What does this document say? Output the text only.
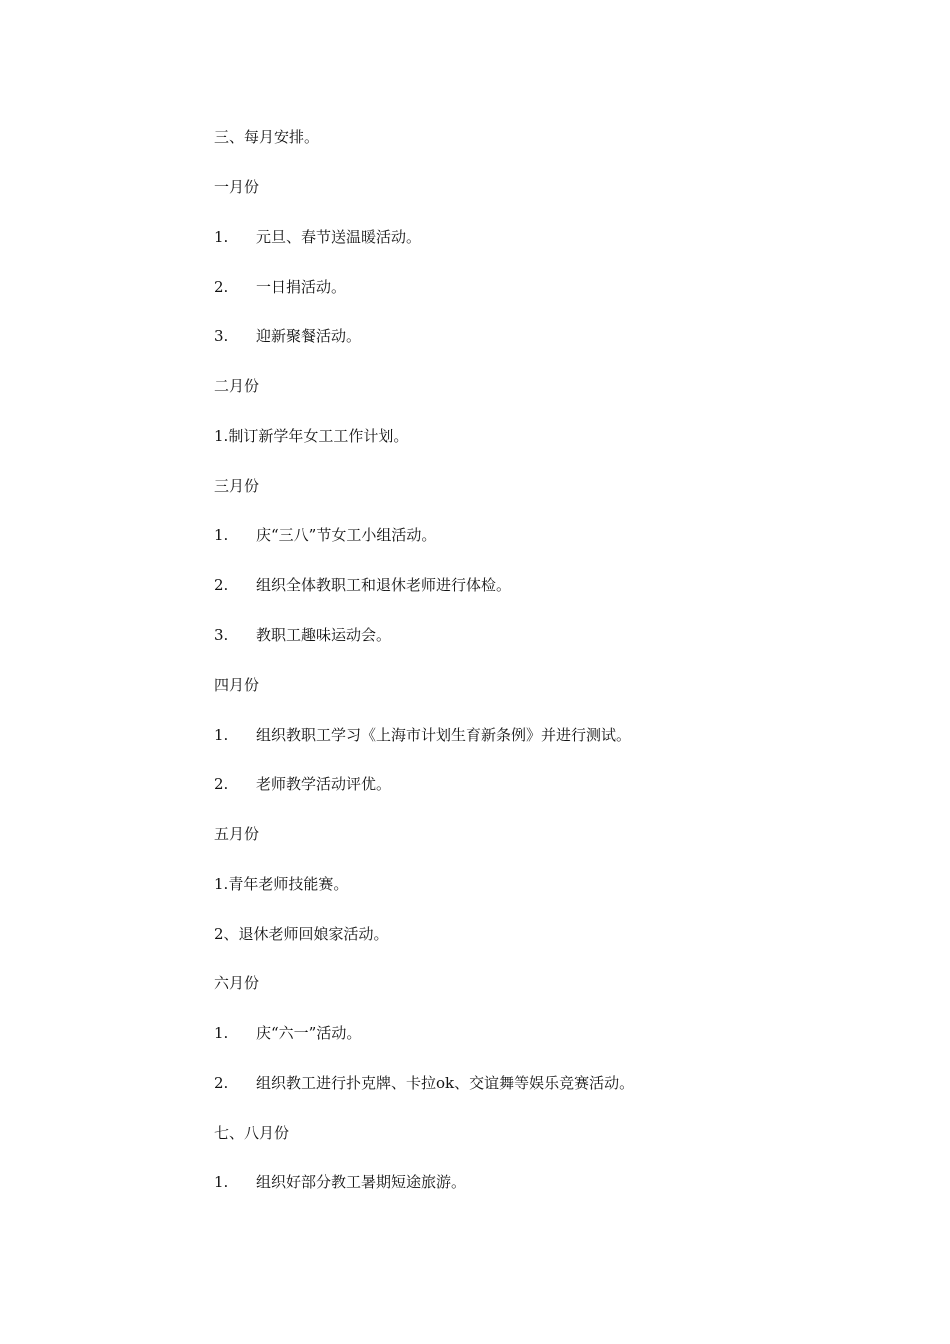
三、每月安排。
一月份
1. 元旦、春节送温暖活动。
2. 一日捐活动。
3. 迎新聚餐活动。
二月份
1.制订新学年女工工作计划。
三月份
1. 庆“三八”节女工小组活动。
2. 组织全体教职工和退休老师进行体检。
3. 教职工趣味运动会。
四月份
1. 组织教职工学习《上海市计划生育新条例》并进行测试。
2. 老师教学活动评优。
五月份
1.青年老师技能赛。
2、退休老师回娘家活动。
六月份
1. 庆“六一”活动。
2. 组织教工进行扑克牌、卡拉ok、交谊舞等娱乐竞赛活动。
七、八月份
1. 组织好部分教工暑期短途旅游。
